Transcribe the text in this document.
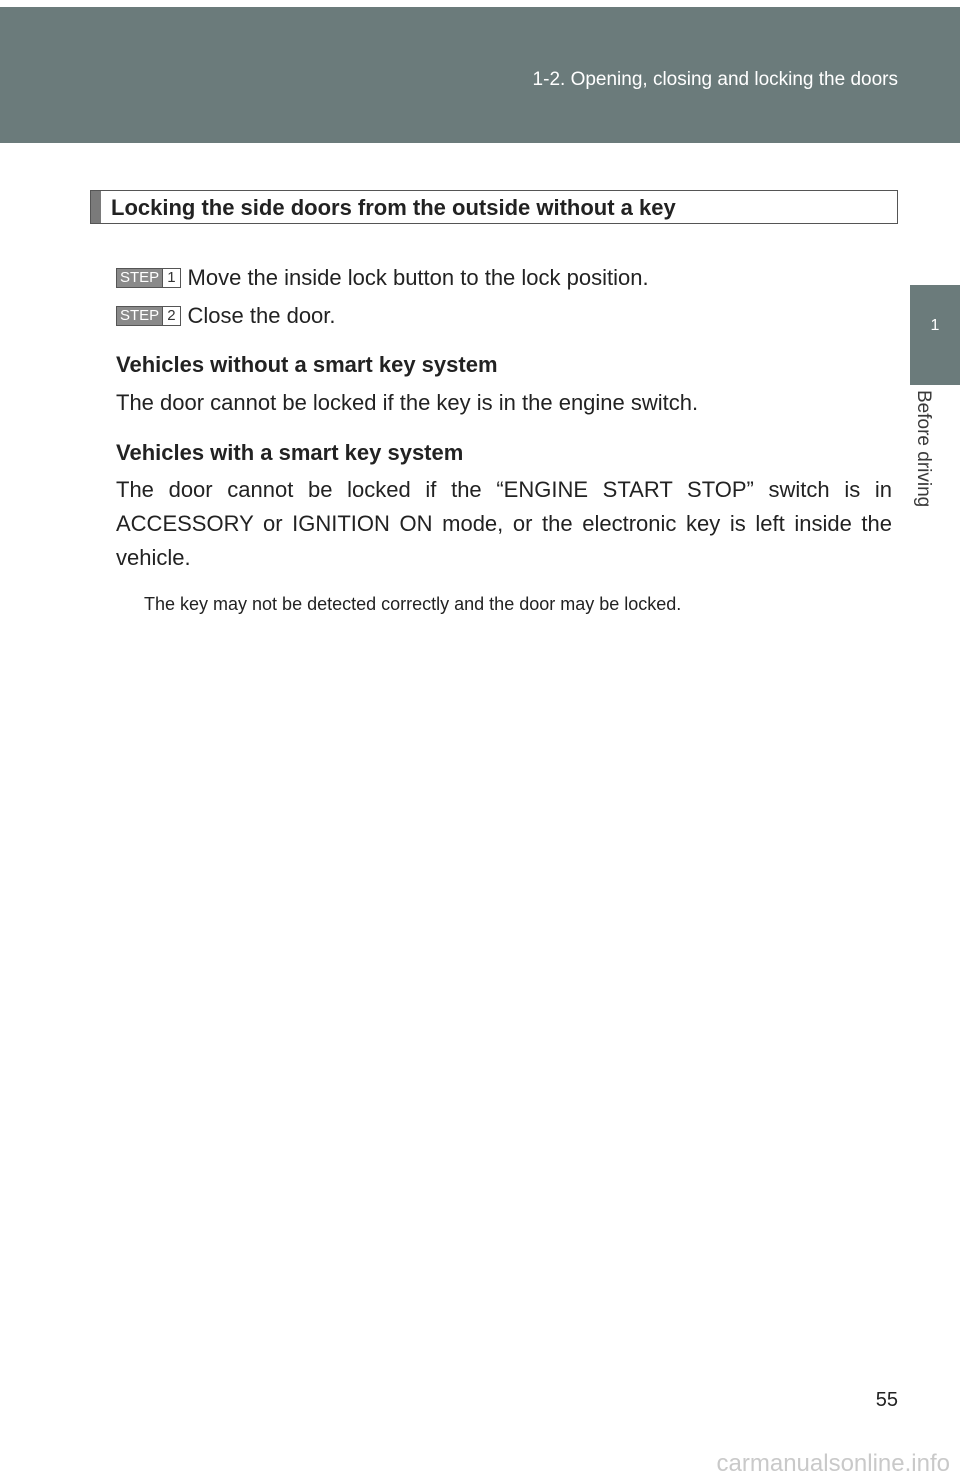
1-2. Opening, closing and locking the doors
1
Before driving
Locking the side doors from the outside without a key
STEP 1 Move the inside lock button to the lock position.
STEP 2 Close the door.
Vehicles without a smart key system
The door cannot be locked if the key is in the engine switch.
Vehicles with a smart key system
The door cannot be locked if the “ENGINE START STOP” switch is in ACCESSORY or IGNITION ON mode, or the electronic key is left inside the vehicle.
The key may not be detected correctly and the door may be locked.
55
carmanualsonline.info
